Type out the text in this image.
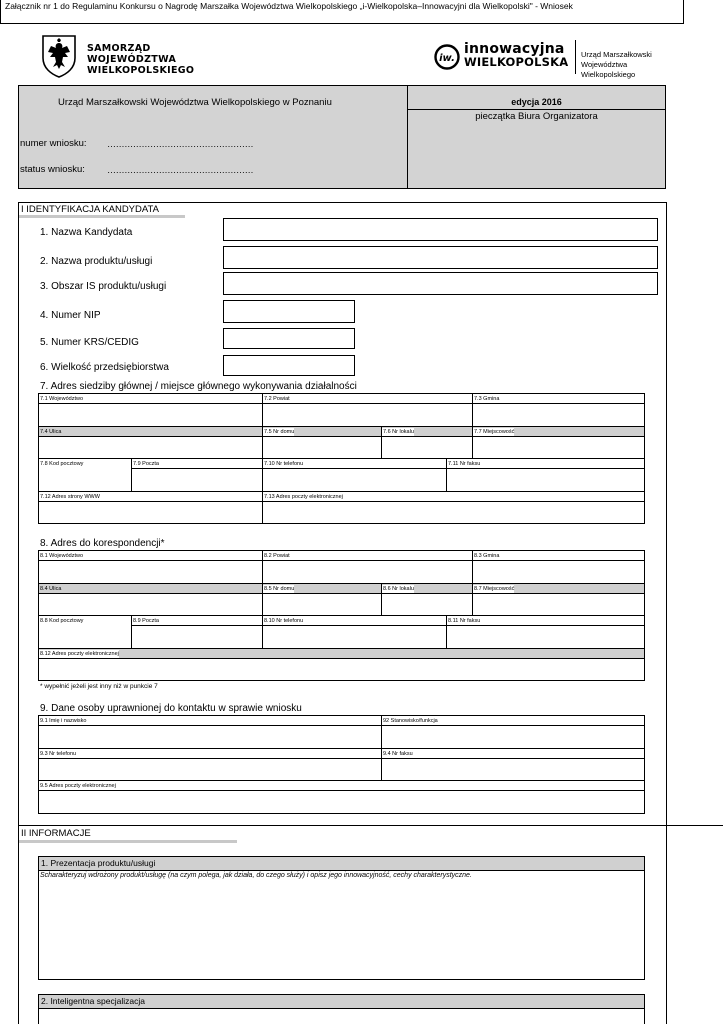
Załącznik nr 1 do Regulaminu Konkursu o Nagrodę Marszałka Województwa Wielkopolskiego „i-Wielkopolska–Innowacyjni dla Wielkopolski" - Wniosek
SAMORZĄD WOJEWÓDZTWA
WIELKOPOLSKIEGO
iw.
innowacyjna
WIELKOPOLSKA
Urząd Marszałkowski
Województwa Wielkopolskiego
Urząd Marszałkowski Województwa Wielkopolskiego w Poznaniu	edycja 2016
pieczątka Biura Organizatora
numer wniosku: ……………………………………………
status wniosku: ……………………………………………
I IDENTYFIKACJA KANDYDATA
1. Nazwa Kandydata
2. Nazwa produktu/usługi
3. Obszar IS produktu/usługi
4. Numer NIP
5. Numer KRS/CEDIG
6. Wielkość przedsiębiorstwa
7. Adres siedziby głównej / miejsce głównego wykonywania działalności
7.1 Województwo	7.2 Powiat	7.3 Gmina
7.4 Ulica	7.5 Nr domu	7.6 Nr lokalu	7.7 Miejscowość
7.8 Kod pocztowy	7.9 Poczta	7.10 Nr telefonu	7.11 Nr faksu
7.12 Adres strony WWW	7.13 Adres poczty elektronicznej
8. Adres do korespondencji*
8.1 Województwo	8.2 Powiat	8.3 Gmina
8.4 Ulica	8.5 Nr domu	8.6 Nr lokalu	8.7 Miejscowość
8.8 Kod pocztowy	8.9 Poczta	8.10 Nr telefonu	8.11 Nr faksu
8.12 Adres poczty elektronicznej
* wypełnić jeżeli jest inny niż w punkcie 7
9. Dane osoby uprawnionej do kontaktu w sprawie wniosku
9.1 Imię i nazwisko	92 Stanowisko/funkcja
9.3 Nr telefonu	9.4 Nr faksu
9.5 Adres poczty elektronicznej
II INFORMACJE
1. Prezentacja produktu/usługi
Scharakteryzuj wdrożony produkt/usługę (na czym polega, jak działa, do czego służy) i opisz jego innowacyjność, cechy charakterystyczne.
2. Inteligentna specjalizacja
